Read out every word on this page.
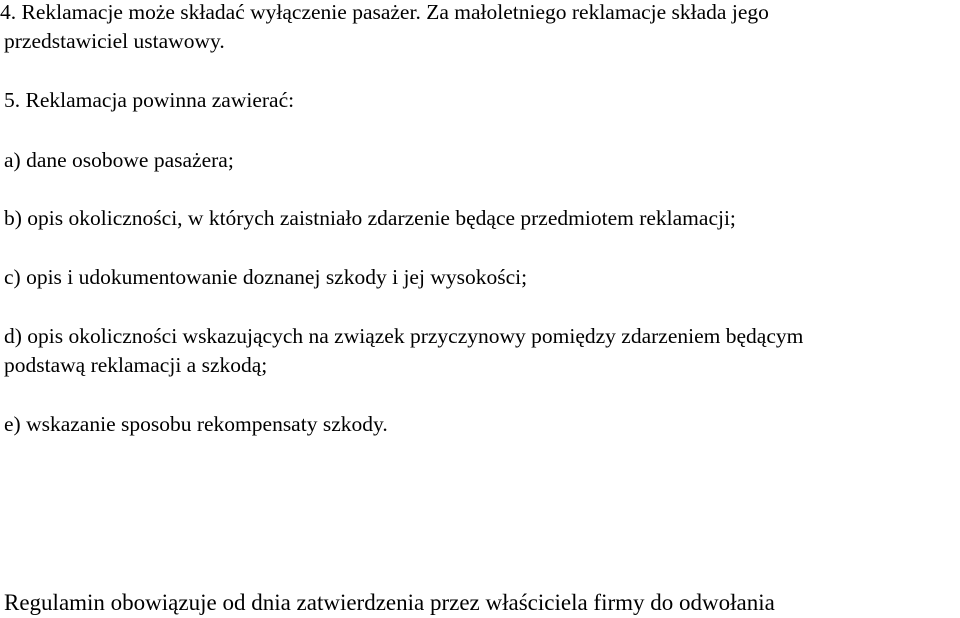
4. Reklamacje może składać wyłączenie pasażer. Za małoletniego reklamacje składa jego

przedstawiciel ustawowy.

5. Reklamacja powinna zawierać:

a) dane osobowe pasażera;

b) opis okoliczności, w których zaistniało zdarzenie będące przedmiotem reklamacji;

c) opis i udokumentowanie doznanej szkody i jej wysokości;

d) opis okoliczności wskazujących na związek przyczynowy pomiędzy zdarzeniem będącym

podstawą reklamacji a szkodą;

e) wskazanie sposobu rekompensaty szkody.

Regulamin obowiązuje od dnia zatwierdzenia przez właściciela firmy do odwołania
